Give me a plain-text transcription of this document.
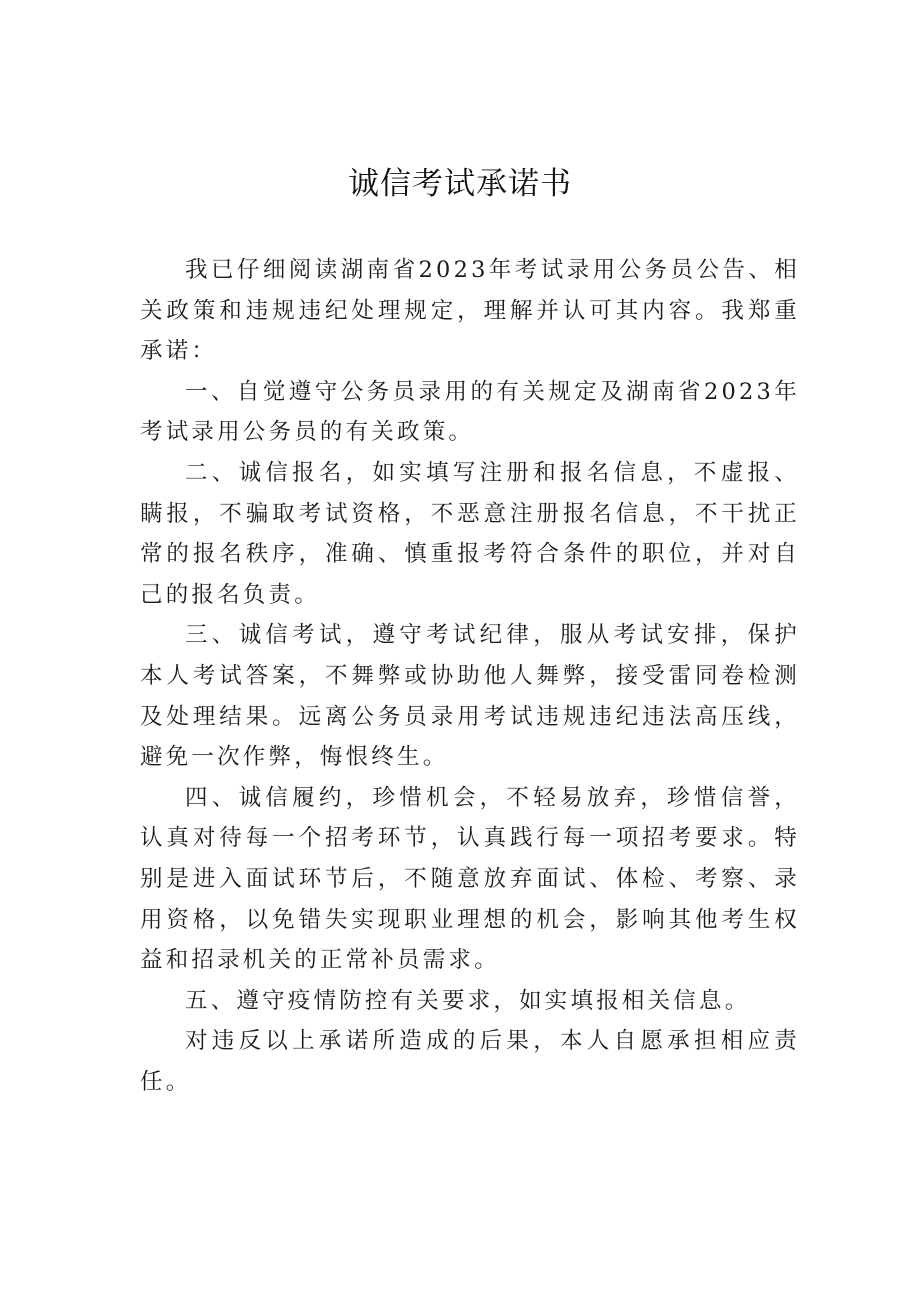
诚信考试承诺书

我已仔细阅读湖南省2023年考试录用公务员公告、相关政策和违规违纪处理规定，理解并认可其内容。我郑重承诺：

一、自觉遵守公务员录用的有关规定及湖南省2023年考试录用公务员的有关政策。

二、诚信报名，如实填写注册和报名信息，不虚报、瞒报，不骗取考试资格，不恶意注册报名信息，不干扰正常的报名秩序，准确、慎重报考符合条件的职位，并对自己的报名负责。

三、诚信考试，遵守考试纪律，服从考试安排，保护本人考试答案，不舞弊或协助他人舞弊，接受雷同卷检测及处理结果。远离公务员录用考试违规违纪违法高压线，避免一次作弊，悔恨终生。

四、诚信履约，珍惜机会，不轻易放弃，珍惜信誉，认真对待每一个招考环节，认真践行每一项招考要求。特别是进入面试环节后，不随意放弃面试、体检、考察、录用资格，以免错失实现职业理想的机会，影响其他考生权益和招录机关的正常补员需求。

五、遵守疫情防控有关要求，如实填报相关信息。

对违反以上承诺所造成的后果，本人自愿承担相应责任。
